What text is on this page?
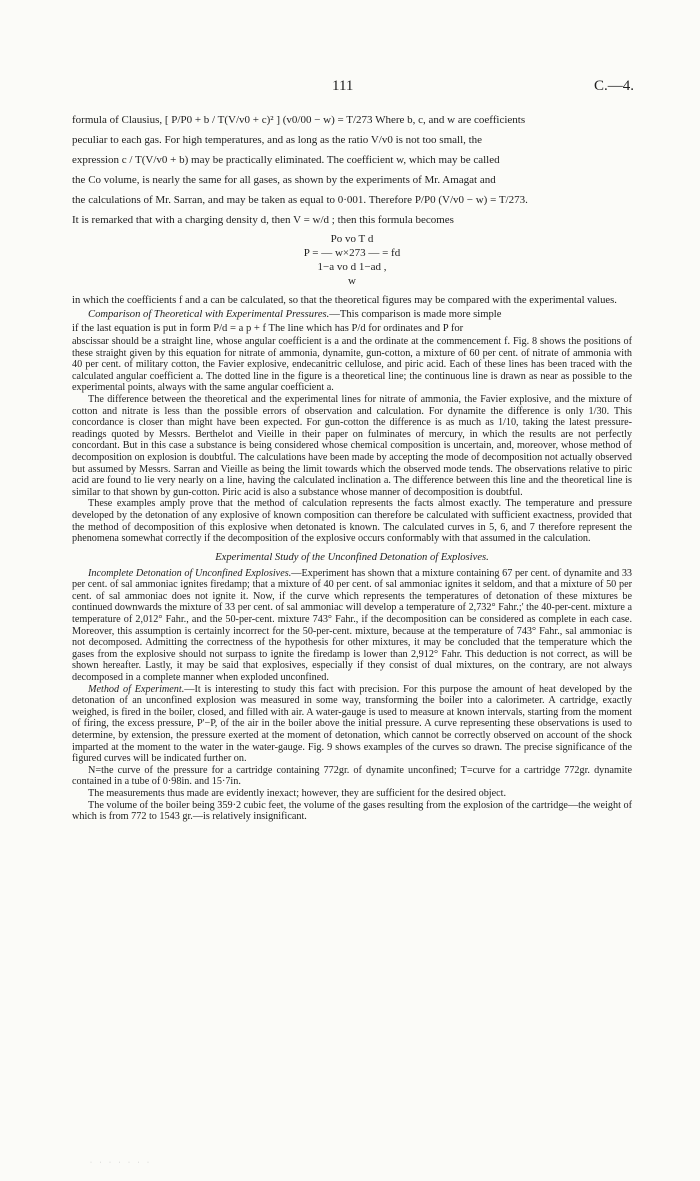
111	C.—4.
formula of Clausius, [ P/P0 + b / T(V/v0 + c)² ] (v0/00 − w) = T/273 Where b, c, and w are coefficients
peculiar to each gas. For high temperatures, and as long as the ratio V/v0 is not too small, the
expression c / T(V/v0 + b) may be practically eliminated. The coefficient w, which may be called
the Co volume, is nearly the same for all gases, as shown by the experiments of Mr. Amagat and
the calculations of Mr. Sarran, and may be taken as equal to 0·001. Therefore P/P0 (V/v0 − w) = T/273.
It is remarked that with a charging density d, then V = w/d ; then this formula becomes
Po vo T d
P = — w×273 — = fd
1−a vo d 1−ad ,
w

in which the coefficients f and a can be calculated, so that the theoretical figures may be compared with the experimental values.

Comparison of Theoretical with Experimental Pressures.—This comparison is made more simple

if the last equation is put in form P/d = a p + f The line which has P/d for ordinates and P for

abscissar should be a straight line, whose angular coefficient is a and the ordinate at the commencement f. Fig. 8 shows the positions of these straight given by this equation for nitrate of ammonia, dynamite, gun-cotton, a mixture of 60 per cent. of nitrate of ammonia with 40 per cent. of military cotton, the Favier explosive, endecanitric cellulose, and piric acid. Each of these lines has been traced with the calculated angular coefficient a. The dotted line in the figure is a theoretical line; the continuous line is drawn as near as possible to the experimental points, always with the same angular coefficient a.

The difference between the theoretical and the experimental lines for nitrate of ammonia, the Favier explosive, and the mixture of cotton and nitrate is less than the possible errors of observation and calculation. For dynamite the difference is only 1/30. This concordance is closer than might have been expected. For gun-cotton the difference is as much as 1/10, taking the latest pressure-readings quoted by Messrs. Berthelot and Vieille in their paper on fulminates of mercury, in which the results are not perfectly concordant. But in this case a substance is being considered whose chemical composition is uncertain, and, moreover, whose method of decomposition on explosion is doubtful. The calculations have been made by accepting the mode of decomposition not actually observed but assumed by Messrs. Sarran and Vieille as being the limit towards which the observed mode tends. The observations relative to piric acid are found to lie very nearly on a line, having the calculated inclination a. The difference between this line and the theoretical line is similar to that shown by gun-cotton. Piric acid is also a substance whose manner of decomposition is doubtful.

These examples amply prove that the method of calculation represents the facts almost exactly. The temperature and pressure developed by the detonation of any explosive of known composition can therefore be calculated with sufficient exactness, provided that the method of decomposition of this explosive when detonated is known. The calculated curves in 5, 6, and 7 therefore represent the phenomena somewhat correctly if the decomposition of the explosive occurs conformably with that assumed in the calculation.

Experimental Study of the Unconfined Detonation of Explosives.

Incomplete Detonation of Unconfined Explosives.—Experiment has shown that a mixture containing 67 per cent. of dynamite and 33 per cent. of sal ammoniac ignites firedamp; that a mixture of 40 per cent. of sal ammoniac ignites it seldom, and that a mixture of 50 per cent. of sal ammoniac does not ignite it. Now, if the curve which represents the temperatures of detonation of these mixtures be continued downwards the mixture of 33 per cent. of sal ammoniac will develop a temperature of 2,732° Fahr.;' the 40-per-cent. mixture a temperature of 2,012° Fahr., and the 50-per-cent. mixture 743° Fahr., if the decomposition can be considered as complete in each case. Moreover, this assumption is certainly incorrect for the 50-per-cent. mixture, because at the temperature of 743° Fahr., sal ammoniac is not decomposed. Admitting the correctness of the hypothesis for other mixtures, it may be concluded that the temperature which the gases from the explosive should not surpass to ignite the firedamp is lower than 2,912° Fahr. This deduction is not correct, as will be shown hereafter. Lastly, it may be said that explosives, especially if they consist of dual mixtures, on the contrary, are not always decomposed in a complete manner when exploded unconfined.

Method of Experiment.—It is interesting to study this fact with precision. For this purpose the amount of heat developed by the detonation of an unconfined explosion was measured in some way, transforming the boiler into a calorimeter. A cartridge, exactly weighed, is fired in the boiler, closed, and filled with air. A water-gauge is used to measure at known intervals, starting from the moment of firing, the excess pressure, P'−P, of the air in the boiler above the initial pressure. A curve representing these observations is used to determine, by extension, the pressure exerted at the moment of detonation, which cannot be correctly observed on account of the shock imparted at the moment to the water in the water-gauge. Fig. 9 shows examples of the curves so drawn. The precise significance of the figured curves will be indicated further on.

N=the curve of the pressure for a cartridge containing 772gr. of dynamite unconfined; T=curve for a cartridge 772gr. dynamite contained in a tube of 0·98in. and 15·7in.

The measurements thus made are evidently inexact; however, they are sufficient for the desired object.

The volume of the boiler being 359·2 cubic feet, the volume of the gases resulting from the explosion of the cartridge—the weight of which is from 772 to 1543 gr.—is relatively insignificant.

· · · · · · ·
